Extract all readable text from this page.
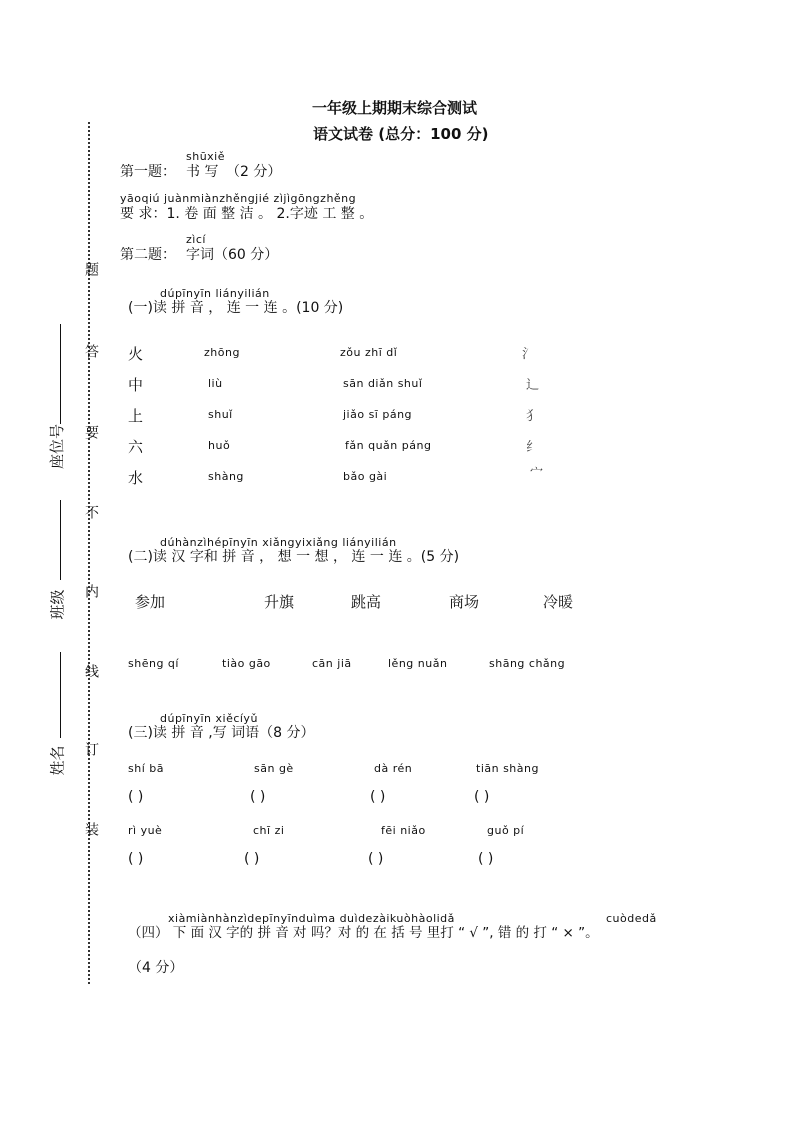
题
答
要
不
内
线
订
装
座位号
班级
姓名
一年级上期期末综合测试
语文试卷 (总分：100 分)
shūxiě
第一题： 书 写 （2 分）
yāoqiú juànmiànzhěngjié zìjìgōngzhěng
要 求：1. 卷 面 整 洁 。 2.字迹 工 整 。
zìcí
第二题： 字词（60 分）
dúpīnyīn liányilián
(一)读 拼 音 ， 连 一 连 。(10 分)
火	zhōng	zǒu zhī dǐ	氵
中	liù	sān diǎn shuǐ	辶
上	shuǐ	jiǎo sī páng	犭
六	huǒ	fǎn quǎn páng	纟
水	shàng	bǎo gài	宀
dúhànzìhépīnyīn xiǎngyixiǎng liányilián
(二)读 汉 字和 拼 音 ， 想 一 想 ， 连 一 连 。(5 分)
参加	升旗	跳高	商场	冷暖
shēng qí	tiào gāo	cān jiā	lěng nuǎn	shāng chǎng
dúpīnyīn xiěcíyǔ
(三)读 拼 音 ,写 词语（8 分）
shí bā	sān gè	dà rén	tiān shàng
( )	( )	( )	( )
rì yuè	chī zi	fēi niǎo	guǒ pí
( )	( )	( )	( )
xiàmiànhànzìdepīnyīnduìma duìdezàikuòhàolidǎ	cuòdedǎ
（四） 下 面 汉 字的 拼 音 对 吗？对 的 在 括 号 里打 “ √ ”, 错 的 打 “ × ”。
（4 分）
